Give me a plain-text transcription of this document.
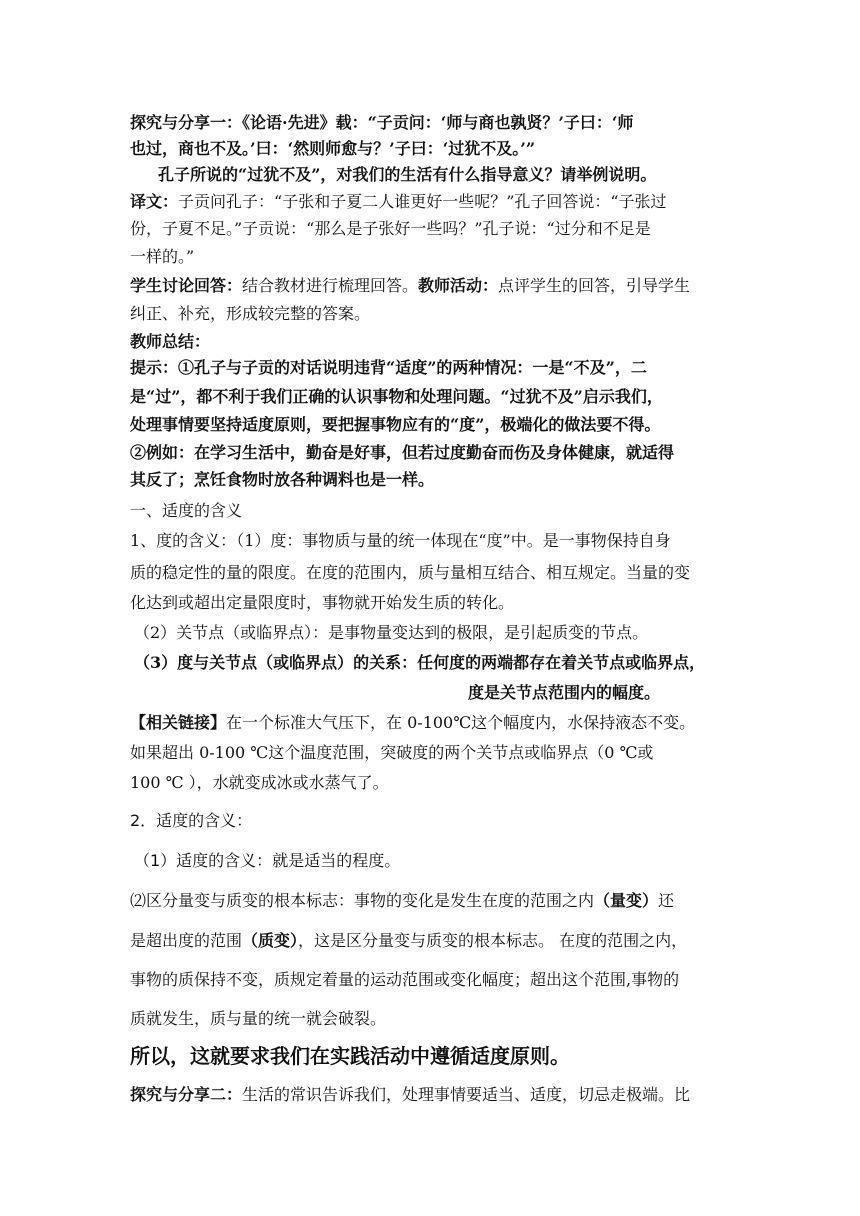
探究与分享一：《论语·先进》载：“子贡问：‘师与商也孰贤？’子曰：‘师
也过，商也不及。’曰：‘然则师愈与？’子曰：‘过犹不及。’”
孔子所说的“过犹不及”，对我们的生活有什么指导意义？请举例说明。
译文：子贡问孔子：“子张和子夏二人谁更好一些呢？”孔子回答说：“子张过
份，子夏不足。”子贡说：“那么是子张好一些吗？”孔子说：“过分和不足是
一样的。”
学生讨论回答：结合教材进行梳理回答。教师活动：点评学生的回答，引导学生
纠正、补充，形成较完整的答案。
教师总结：
提示：①孔子与子贡的对话说明违背“适度”的两种情况：一是“不及”，二
是“过”，都不利于我们正确的认识事物和处理问题。“过犹不及”启示我们，
处理事情要坚持适度原则，要把握事物应有的“度”，极端化的做法要不得。
②例如：在学习生活中，勤奋是好事，但若过度勤奋而伤及身体健康，就适得
其反了；烹饪食物时放各种调料也是一样。
一、适度的含义
1、度的含义：（1）度：事物质与量的统一体现在“度”中。是一事物保持自身
质的稳定性的量的限度。在度的范围内，质与量相互结合、相互规定。当量的变
化达到或超出定量限度时，事物就开始发生质的转化。
（2）关节点（或临界点）：是事物量变达到的极限，是引起质变的节点。
（3）度与关节点（或临界点）的关系：任何度的两端都存在着关节点或临界点，
度是关节点范围内的幅度。
【相关链接】在一个标准大气压下，在 0-100℃这个幅度内，水保持液态不变。
如果超出 0-100 ℃这个温度范围，突破度的两个关节点或临界点（0 ℃或
100 ℃ ），水就变成冰或水蒸气了。
2．适度的含义：
（1）适度的含义：就是适当的程度。
⑵区分量变与质变的根本标志：事物的变化是发生在度的范围之内（量变）还
是超出度的范围（质变），这是区分量变与质变的根本标志。 在度的范围之内，
事物的质保持不变，质规定着量的运动范围或变化幅度；超出这个范围,事物的
质就发生，质与量的统一就会破裂。
所以，这就要求我们在实践活动中遵循适度原则。
探究与分享二：生活的常识告诉我们，处理事情要适当、适度，切忌走极端。比
